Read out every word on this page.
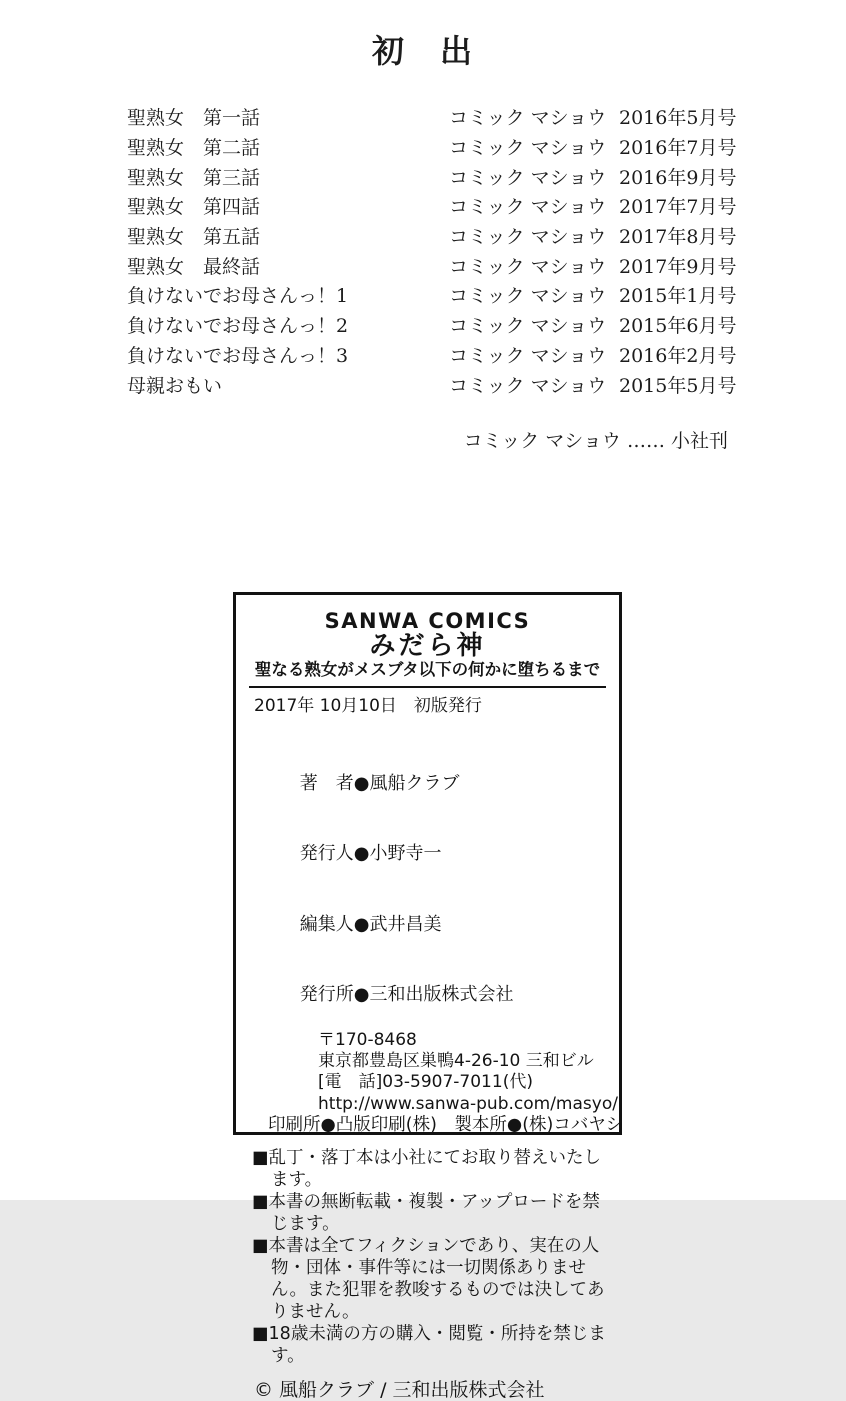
初　出
聖熟女　第一話	コミック マショウ 2016年5月号
聖熟女　第二話	コミック マショウ 2016年7月号
聖熟女　第三話	コミック マショウ 2016年9月号
聖熟女　第四話	コミック マショウ 2017年7月号
聖熟女　第五話	コミック マショウ 2017年8月号
聖熟女　最終話	コミック マショウ 2017年9月号
負けないでお母さんっ！1	コミック マショウ 2015年1月号
負けないでお母さんっ！2	コミック マショウ 2015年6月号
負けないでお母さんっ！3	コミック マショウ 2016年2月号
母親おもい	コミック マショウ 2015年5月号
コミック マショウ …… 小社刊
SANWA COMICS
みだら神
聖なる熟女がメスブタ以下の何かに堕ちるまで
2017年 10月10日　初版発行

著　者●風船クラブ

発行人●小野寺一

編集人●武井昌美

発行所●三和出版株式会社

〒170-8468
東京都豊島区巣鴨4-26-10 三和ビル
[電　話]03-5907-7011(代)
http://www.sanwa-pub.com/masyo/
印刷所●凸版印刷(株)　製本所●(株)コバヤシ
■乱丁・落丁本は小社にてお取り替えいたします。
■本書の無断転載・複製・アップロードを禁じます。
■本書は全てフィクションであり、実在の人物・団体・事件等には一切関係ありません。また犯罪を教唆するものでは決してありません。
■18歳未満の方の購入・閲覧・所持を禁じます。
© 風船クラブ / 三和出版株式会社
